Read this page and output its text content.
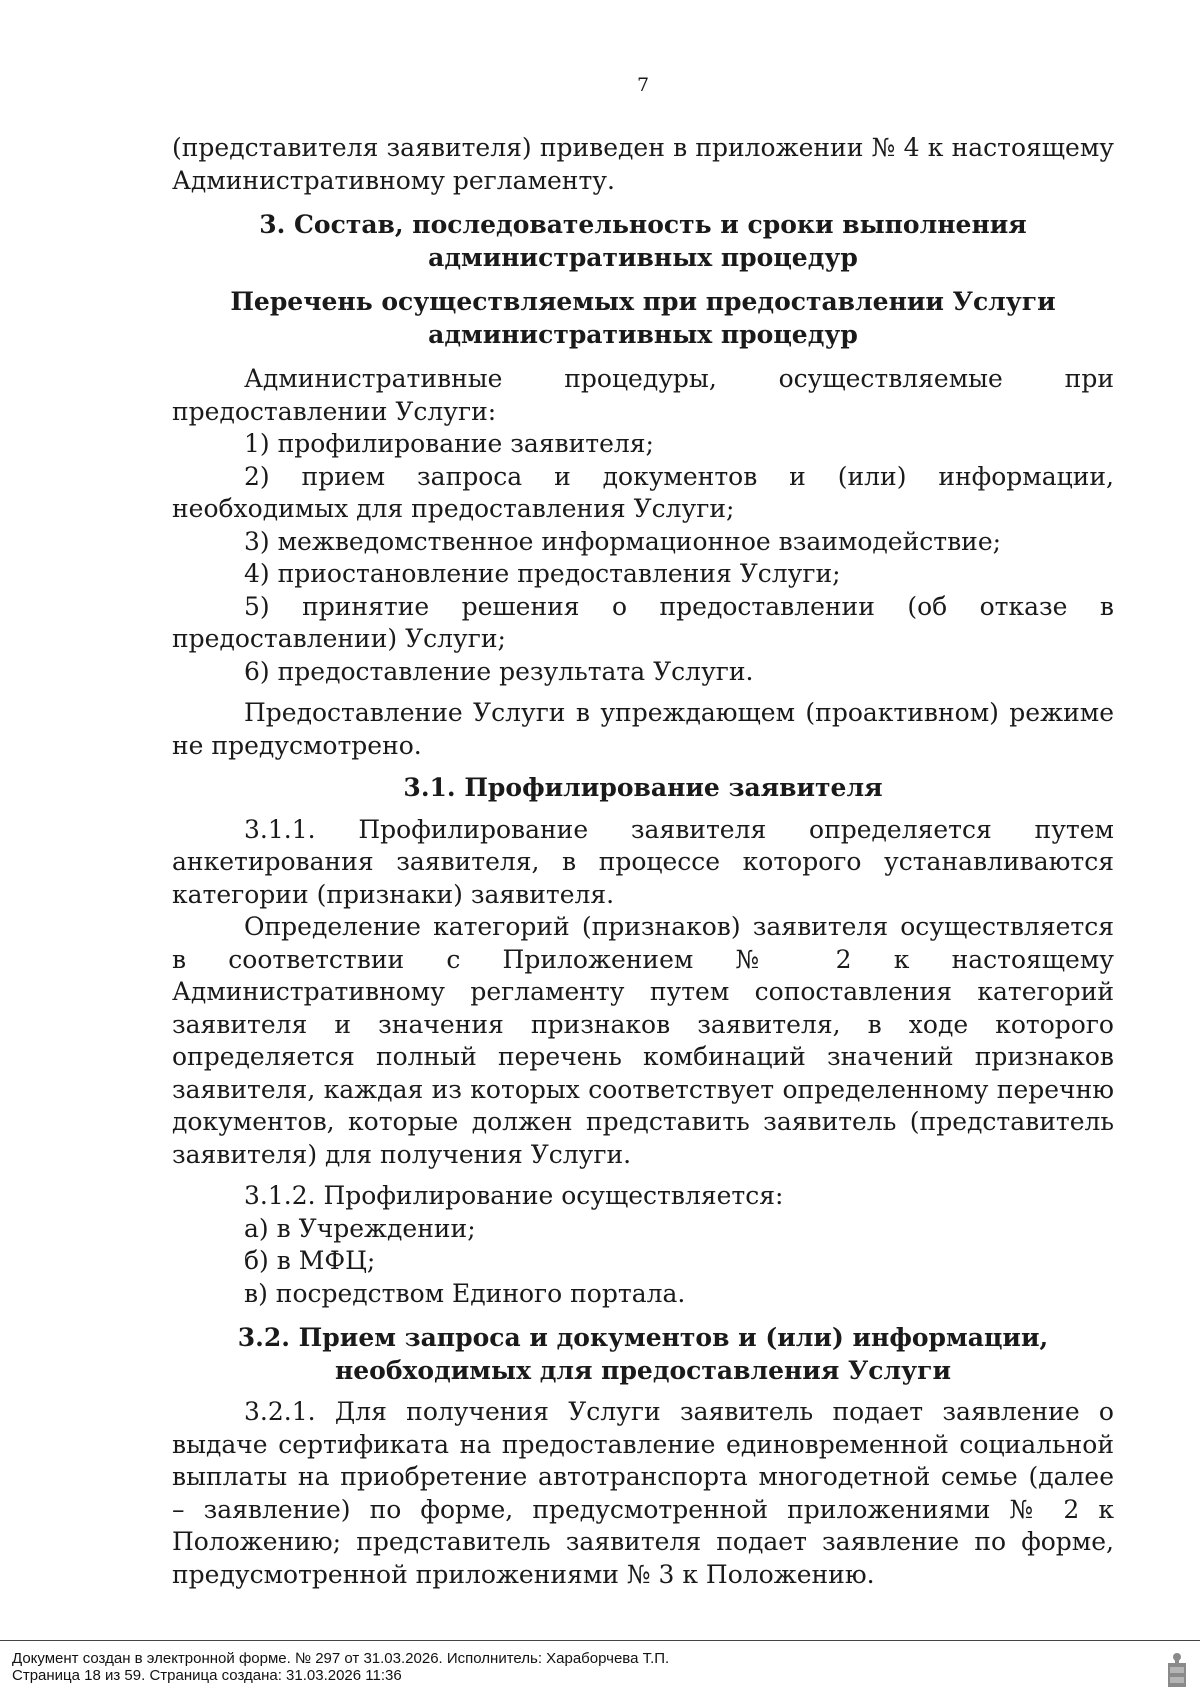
7

(представителя заявителя) приведен в приложении № 4 к настоящему Административному регламенту.

3. Состав, последовательность и сроки выполнения административных процедур
Перечень осуществляемых при предоставлении Услуги административных процедур

Административные процедуры, осуществляемые при предоставлении Услуги:

1) профилирование заявителя;

2) прием запроса и документов и (или) информации, необходимых для предоставления Услуги;

3) межведомственное информационное взаимодействие;

4) приостановление предоставления Услуги;

5) принятие решения о предоставлении (об отказе в предоставлении) Услуги;

6) предоставление результата Услуги.

Предоставление Услуги в упреждающем (проактивном) режиме не предусмотрено.

3.1. Профилирование заявителя

3.1.1. Профилирование заявителя определяется путем анкетирования заявителя, в процессе которого устанавливаются категории (признаки) заявителя.

Определение категорий (признаков) заявителя осуществляется в соответствии с Приложением № 2 к настоящему Административному регламенту путем сопоставления категорий заявителя и значения признаков заявителя, в ходе которого определяется полный перечень комбинаций значений признаков заявителя, каждая из которых соответствует определенному перечню документов, которые должен представить заявитель (представитель заявителя) для получения Услуги.

3.1.2. Профилирование осуществляется:

а) в Учреждении;

б) в МФЦ;

в) посредством Единого портала.

3.2. Прием запроса и документов и (или) информации, необходимых для предоставления Услуги

3.2.1. Для получения Услуги заявитель подает заявление о выдаче сертификата на предоставление единовременной социальной выплаты на приобретение автотранспорта многодетной семье (далее – заявление) по форме, предусмотренной приложениями № 2 к Положению; представитель заявителя подает заявление по форме, предусмотренной приложениями № 3 к Положению.

Документ создан в электронной форме. № 297 от 31.03.2026. Исполнитель: Хараборчева Т.П.
Страница 18 из 59. Страница создана: 31.03.2026 11:36
